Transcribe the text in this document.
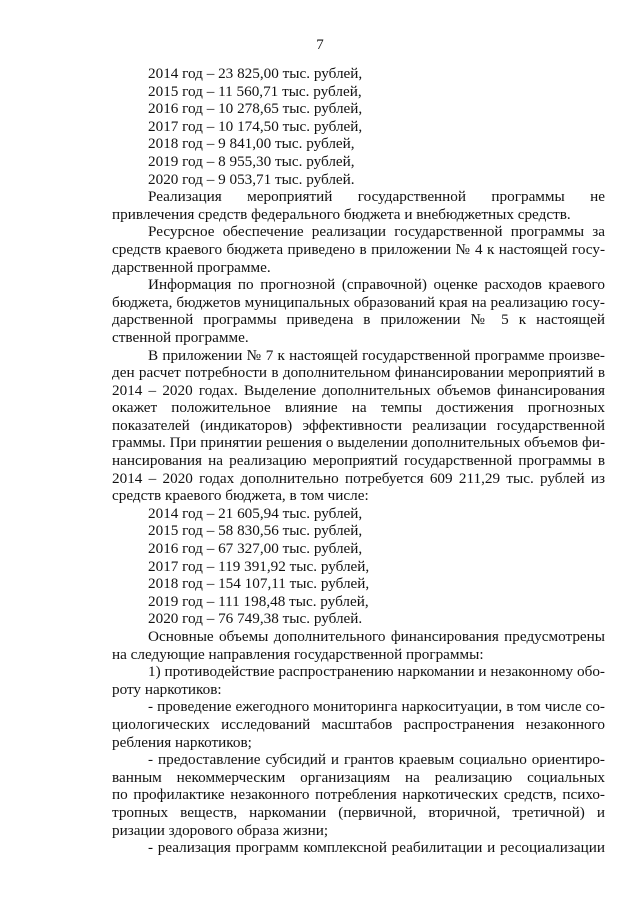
7
2014 год – 23 825,00 тыс. рублей,
2015 год – 11 560,71 тыс. рублей,
2016 год – 10 278,65 тыс. рублей,
2017 год – 10 174,50 тыс. рублей,
2018 год – 9 841,00 тыс. рублей,
2019 год – 8 955,30 тыс. рублей,
2020 год – 9 053,71 тыс. рублей.
Реализация мероприятий государственной программы не
привлечения средств федерального бюджета и внебюджетных средств.
Ресурсное обеспечение реализации государственной программы за
средств краевого бюджета приведено в приложении № 4 к настоящей госу-
дарственной программе.
Информация по прогнозной (справочной) оценке расходов краевого
бюджета, бюджетов муниципальных образований края на реализацию госу-
дарственной программы приведена в приложении № 5 к настоящей
ственной программе.
В приложении № 7 к настоящей государственной программе произве-
ден расчет потребности в дополнительном финансировании мероприятий в
2014 – 2020 годах. Выделение дополнительных объемов финансирования
окажет положительное влияние на темпы достижения прогнозных
показателей (индикаторов) эффективности реализации государственной
граммы. При принятии решения о выделении дополнительных объемов фи-
нансирования на реализацию мероприятий государственной программы в
2014 – 2020 годах дополнительно потребуется 609 211,29 тыс. рублей из
средств краевого бюджета, в том числе:
2014 год – 21 605,94 тыс. рублей,
2015 год – 58 830,56 тыс. рублей,
2016 год – 67 327,00 тыс. рублей,
2017 год – 119 391,92 тыс. рублей,
2018 год – 154 107,11 тыс. рублей,
2019 год – 111 198,48 тыс. рублей,
2020 год – 76 749,38 тыс. рублей.
Основные объемы дополнительного финансирования предусмотрены
на следующие направления государственной программы:
1) противодействие распространению наркомании и незаконному обо-
роту наркотиков:
- проведение ежегодного мониторинга наркоситуации, в том числе со-
циологических исследований масштабов распространения незаконного
ребления наркотиков;
- предоставление субсидий и грантов краевым социально ориентиро-
ванным некоммерческим организациям на реализацию социальных
по профилактике незаконного потребления наркотических средств, психо-
тропных веществ, наркомании (первичной, вторичной, третичной) и
ризации здорового образа жизни;
- реализация программ комплексной реабилитации и ресоциализации
